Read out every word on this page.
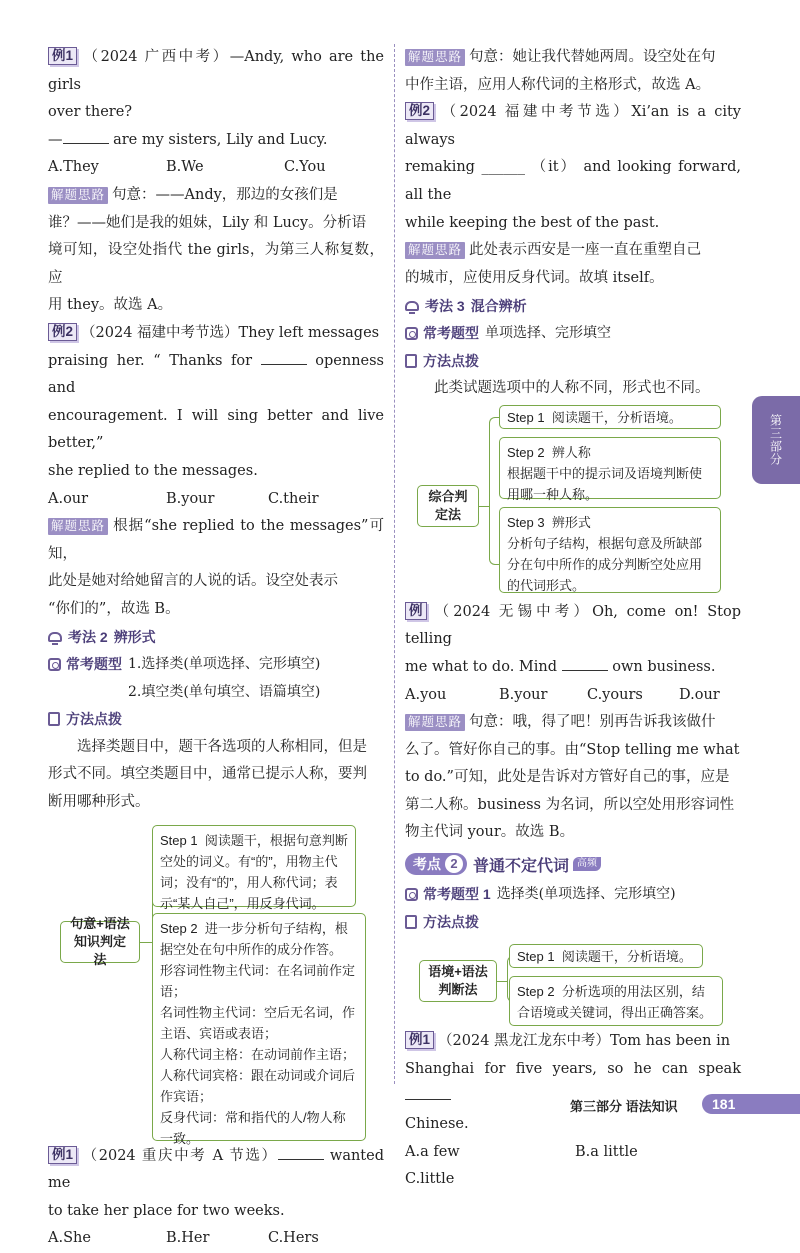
例1 （2024 广西中考）—Andy, who are the girls

over there?

—	are my sisters, Lily and Lucy.

A.They	B.We	C.You

解题思路 句意：——Andy，那边的女孩们是

谁？——她们是我的姐妹，Lily 和 Lucy。分析语

境可知，设空处指代 the girls，为第三人称复数，应

用 they。故选 A。

例2 （2024 福建中考节选）They left messages

praising her. “ Thanks for	openness and

encouragement. I will sing better and live better,”

she replied to the messages.

A.our	B.your	C.their

解题思路 根据“she replied to the messages”可知，

此处是她对给她留言的人说的话。设空处表示

“你们的”，故选 B。

考法 2 辨形式
常考题型 1.选择类(单项选择、完形填空)
2.填空类(单句填空、语篇填空)
方法点拨

选择类题目中，题干各选项的人称相同，但是

形式不同。填空类题目中，通常已提示人称，要判

断用哪种形式。

句意+语法知识判定法
Step 1 阅读题干，根据句意判断空处的词义。有“的”，用物主代词；没有“的”，用人称代词；表示“某人自己”，用反身代词。
Step 2 进一步分析句子结构，根据空处在句中所作的成分作答。
形容词性物主代词：在名词前作定语；
名词性物主代词：空后无名词，作主语、宾语或表语；
人称代词主格：在动词前作主语；
人称代词宾格：跟在动词或介词后作宾语；
反身代词：常和指代的人/物人称一致。

例1 （2024 重庆中考 A 节选）	wanted me

to take her place for two weeks.

A.She	B.Her	C.Hers

解题思路 句意：她让我代替她两周。设空处在句

中作主语，应用人称代词的主格形式，故选 A。

例2 （2024 福建中考节选）Xi’an is a city always

remaking ______ （it） and looking forward, all the

while keeping the best of the past.

解题思路 此处表示西安是一座一直在重塑自己

的城市，应使用反身代词。故填 itself。

考法 3 混合辨析
常考题型 单项选择、完形填空
方法点拨

此类试题选项中的人称不同，形式也不同。

综合判定法
Step 1 阅读题干，分析语境。
Step 2 辨人称
根据题干中的提示词及语境判断使用哪一种人称。
Step 3 辨形式
分析句子结构，根据句意及所缺部分在句中所作的成分判断空处应用的代词形式。

例 （2024 无锡中考）Oh, come on! Stop telling

me what to do. Mind	own business.

A.you	B.your	C.yours	D.our

解题思路 句意：哦，得了吧！别再告诉我该做什

么了。管好你自己的事。由“Stop telling me what

to do.”可知，此处是告诉对方管好自己的事，应是

第二人称。business 为名词，所以空处用形容词性

物主代词 your。故选 B。

考点 2 普通不定代词 高频
常考题型 1 选择类(单项选择、完形填空)
方法点拨
语境+语法判断法
Step 1 阅读题干，分析语境。
Step 2 分析选项的用法区别，结合语境或关键词，得出正确答案。

例1 （2024 黑龙江龙东中考）Tom has been in

Shanghai for five years, so he can speak

Chinese.

A.a few	B.a little

C.little

第三部分
第三部分 语法知识	181
